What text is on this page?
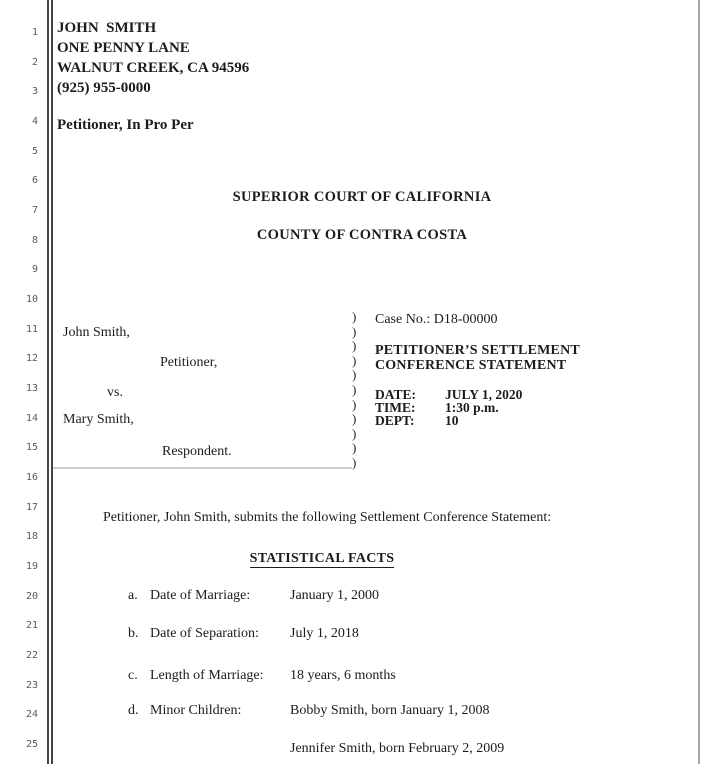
1
2
3
4
5
6
7
8
9
10
11
12
13
14
15
16
17
18
19
20
21
22
23
24
25
JOHN  SMITH
ONE PENNY LANE
WALNUT CREEK, CA 94596
(925) 955-0000
Petitioner, In Pro Per
SUPERIOR COURT OF CALIFORNIA
COUNTY OF CONTRA COSTA
John Smith,
Petitioner,
vs.
Mary Smith,
Respondent.
)
)
)
)
)
)
)
)
)
)
)
Case No.: D18-00000
PETITIONER’S SETTLEMENT
CONFERENCE STATEMENT
DATE: JULY 1, 2020
TIME: 1:30 p.m.
DEPT: 10
Petitioner, John Smith, submits the following Settlement Conference Statement:
STATISTICAL FACTS
a. Date of Marriage:	January 1, 2000
b. Date of Separation: July 1, 2018
c. Length of Marriage: 18 years, 6 months
d. Minor Children:	Bobby Smith, born January 1, 2008
Jennifer Smith, born February 2, 2009
